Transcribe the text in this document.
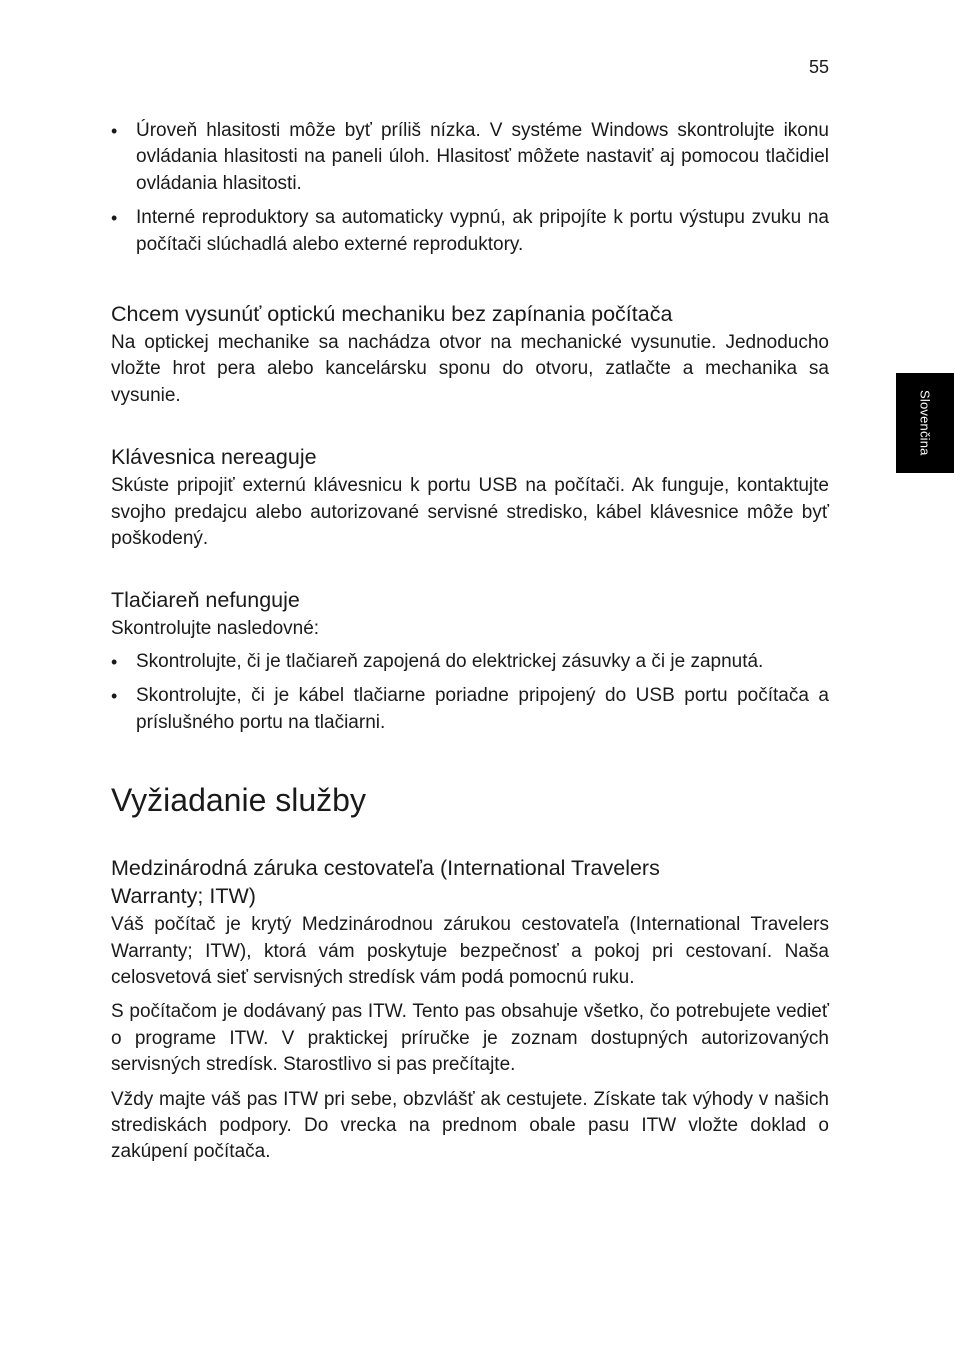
55
Slovenčina
• Úroveň hlasitosti môže byť príliš nízka. V systéme Windows skontrolujte ikonu ovládania hlasitosti na paneli úloh. Hlasitosť môžete nastaviť aj pomocou tlačidiel ovládania hlasitosti.
• Interné reproduktory sa automaticky vypnú, ak pripojíte k portu výstupu zvuku na počítači slúchadlá alebo externé reproduktory.
Chcem vysunúť optickú mechaniku bez zapínania počítača

Na optickej mechanike sa nachádza otvor na mechanické vysunutie. Jednoducho vložte hrot pera alebo kancelársku sponu do otvoru, zatlačte a mechanika sa vysunie.

Klávesnica nereaguje

Skúste pripojiť externú klávesnicu k portu USB na počítači. Ak funguje, kontaktujte svojho predajcu alebo autorizované servisné stredisko, kábel klávesnice môže byť poškodený.

Tlačiareň nefunguje

Skontrolujte nasledovné:

• Skontrolujte, či je tlačiareň zapojená do elektrickej zásuvky a či je zapnutá.
• Skontrolujte, či je kábel tlačiarne poriadne pripojený do USB portu počítača a príslušného portu na tlačiarni.
Vyžiadanie služby
Medzinárodná záruka cestovateľa (International Travelers
Warranty; ITW)

Váš počítač je krytý Medzinárodnou zárukou cestovateľa (International Travelers Warranty; ITW), ktorá vám poskytuje bezpečnosť a pokoj pri cestovaní. Naša celosvetová sieť servisných stredísk vám podá pomocnú ruku.

S počítačom je dodávaný pas ITW. Tento pas obsahuje všetko, čo potrebujete vedieť o programe ITW. V praktickej príručke je zoznam dostupných autorizovaných servisných stredísk. Starostlivo si pas prečítajte.

Vždy majte váš pas ITW pri sebe, obzvlášť ak cestujete. Získate tak výhody v našich strediskách podpory. Do vrecka na prednom obale pasu ITW vložte doklad o zakúpení počítača.
